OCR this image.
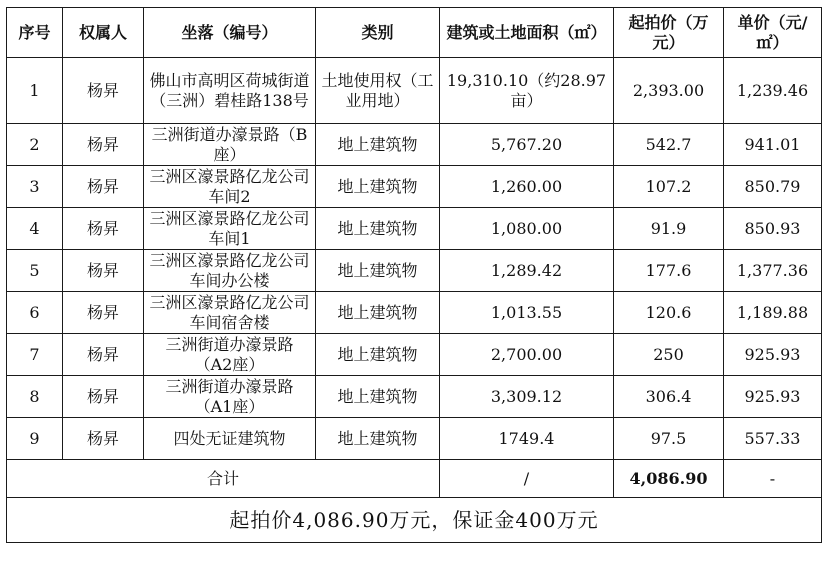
序号	权属人	坐落（编号）	类别	建筑或土地面积（㎡）	起拍价（万元）	单价（元/㎡）
1	杨昇	佛山市高明区荷城街道（三洲）碧桂路138号	土地使用权（工业用地）	19,310.10（约28.97亩）	2,393.00	1,239.46
2	杨昇	三洲街道办濠景路（B座）	地上建筑物	5,767.20	542.7	941.01
3	杨昇	三洲区濠景路亿龙公司车间2	地上建筑物	1,260.00	107.2	850.79
4	杨昇	三洲区濠景路亿龙公司车间1	地上建筑物	1,080.00	91.9	850.93
5	杨昇	三洲区濠景路亿龙公司车间办公楼	地上建筑物	1,289.42	177.6	1,377.36
6	杨昇	三洲区濠景路亿龙公司车间宿舍楼	地上建筑物	1,013.55	120.6	1,189.88
7	杨昇	三洲街道办濠景路（A2座）	地上建筑物	2,700.00	250	925.93
8	杨昇	三洲街道办濠景路（A1座）	地上建筑物	3,309.12	306.4	925.93
9	杨昇	四处无证建筑物	地上建筑物	1749.4	97.5	557.33
合计				/	4,086.90	-
起拍价4,086.90万元，保证金400万元						
